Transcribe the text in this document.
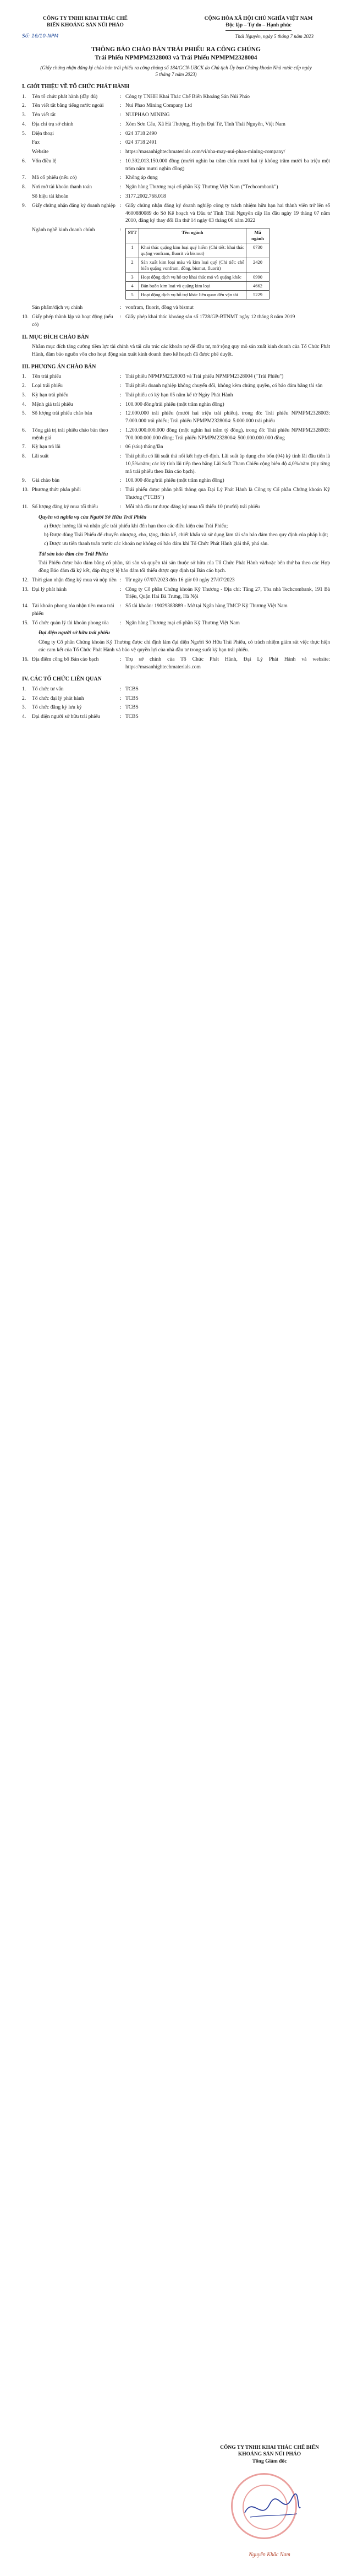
CÔNG TY TNHH KHAI THÁC CHẾ
BIẾN KHOÁNG SẢN NÚI PHÁO
CỘNG HÒA XÃ HỘI CHỦ NGHĨA VIỆT NAM
Độc lập – Tự do – Hạnh phúc
Số: 16/10-NPM	Thái Nguyên, ngày 5 tháng 7 năm 2023
THÔNG BÁO CHÀO BÁN TRÁI PHIẾU RA CÔNG CHÚNG
Trái Phiếu NPMPM2328003 và Trái Phiếu NPMPM2328004
(Giấy chứng nhận đăng ký chào bán trái phiếu ra công chúng số 184/GCN-UBCK do Chủ tịch Ủy ban Chứng khoán Nhà nước cấp ngày 5 tháng 7 năm 2023)
I. GIỚI THIỆU VỀ TỔ CHỨC PHÁT HÀNH
1.	Tên tổ chức phát hành (đầy đủ)	: Công ty TNHH Khai Thác Chế Biến Khoáng Sản Núi Pháo
2.	Tên viết tắt bằng tiếng nước ngoài	: Nui Phao Mining Company Ltd
3.	Tên viết tắt	: NUIPHAO MINING
4.	Địa chỉ trụ sở chính	: Xóm Sơn Cẩu, Xã Hà Thượng, Huyện Đại Từ, Tỉnh Thái Nguyên, Việt Nam
5.	Điện thoại	: 024 3718 2490
Fax	: 024 3718 2491
Website	: https://masanhightechmaterials.com/vi/nha-may-nui-phao-mining-company/
6.	Vốn điều lệ	: 10.392.013.150.000 đồng (mười nghìn ba trăm chín mươi hai tỷ không trăm mười ba triệu một trăm năm mươi nghìn đồng)
7.	Mã cổ phiếu (nếu có)	: Không áp dụng
8.	Nơi mở tài khoản thanh toán	: Ngân hàng Thương mại cổ phần Kỹ Thương Việt Nam ("Techcombank")
Số hiệu tài khoản	: 3177.2002.768.018
9.	Giấy chứng nhận đăng ký doanh nghiệp : Giấy chứng nhận đăng ký doanh nghiệp công ty trách nhiệm hữu hạn hai thành viên trở lên số 4600880089 do Sở Kế hoạch và Đầu tư Tỉnh Thái Nguyên cấp lần đầu ngày 19 tháng 07 năm 2010, đăng ký thay đổi lần thứ 14 ngày 03 tháng 06 năm 2022
Ngành nghề kinh doanh chính	:	STT	Tên ngành	Mã ngành
1	Khai thác quặng kim loại quý hiếm (Chi tiết: khai thác quặng vonfram, fluorit và bismut)	0730
2	Sản xuất kim loại màu và kim loại quý (Chi tiết: chế biến quặng vonfram, đồng, bismut, fluorit)	2420
3	Hoạt động dịch vụ hỗ trợ khai thác mỏ và quặng khác	0990
4	Bán buôn kim loại và quặng kim loại	4662
5	Hoạt động dịch vụ hỗ trợ khác liên quan đến vận tải	5229
Sản phẩm/dịch vụ chính	: vonfram, fluorit, đồng và bismut
10. Giấy phép thành lập và hoạt động (nếu có)
: Giấy phép khai thác khoáng sản số 1728/GP-BTNMT ngày 12 tháng 8 năm 2019
II. MỤC ĐÍCH CHÀO BÁN
Nhằm mục đích tăng cường tiềm lực tài chính và tái cấu trúc các khoản nợ để đầu tư, mở rộng quy mô sản xuất kinh doanh của Tổ Chức Phát Hành, đảm bảo nguồn vốn cho hoạt động sản xuất kinh doanh theo kế hoạch đã được phê duyệt.
III. PHƯƠNG ÁN CHÀO BÁN
1.	Tên trái phiếu	: Trái phiếu NPMPM2328003 và Trái phiếu NPMPM2328004 ("Trái Phiếu")
2.	Loại trái phiếu	: Trái phiếu doanh nghiệp không chuyển đổi, không kèm chứng quyền, có bảo đảm bằng tài sản
3.	Kỳ hạn trái phiếu	: Trái phiếu có kỳ hạn 05 năm kể từ Ngày Phát Hành
4.	Mệnh giá trái phiếu	: 100.000 đồng/trái phiếu (một trăm nghìn đồng)
5.	Số lượng trái phiếu chào bán	: 12.000.000 trái phiếu (mười hai triệu trái phiếu), trong đó: Trái phiếu NPMPM2328003: 7.000.000 trái phiếu; Trái phiếu NPMPM2328004: 5.000.000 trái phiếu
6.	Tổng giá trị trái phiếu chào bán theo mệnh giá
: 1.200.000.000.000 đồng (một nghìn hai trăm tỷ đồng), trong đó: Trái phiếu NPMPM2328003: 700.000.000.000 đồng; Trái phiếu NPMPM2328004: 500.000.000.000 đồng
7.	Kỳ hạn trả lãi	: 06 (sáu) tháng/lần
8.	Lãi suất	: Trái phiếu có lãi suất thả nổi kết hợp cố định. Lãi suất áp dụng cho bốn (04) kỳ tính lãi đầu tiên là 10,5%/năm; các kỳ tính lãi tiếp theo bằng Lãi Suất Tham Chiếu cộng biên độ 4,0%/năm (tùy từng mã trái phiếu theo Bản cáo bạch).
9.	Giá chào bán	: 100.000 đồng/trái phiếu (một trăm nghìn đồng)
10. Phương thức phân phối	: Trái phiếu được phân phối thông qua Đại Lý Phát Hành là Công ty Cổ phần Chứng khoán Kỹ Thương ("TCBS")
11. Số lượng đăng ký mua tối thiểu	: Mỗi nhà đầu tư được đăng ký mua tối thiểu 10 (mười) trái phiếu
Quyền và nghĩa vụ của Người Sở Hữu Trái Phiếu
a) Được hưởng lãi và nhận gốc trái phiếu khi đến hạn theo các điều kiện của Trái Phiếu;
b) Được dùng Trái Phiếu để chuyển nhượng, cho, tặng, thừa kế, chiết khấu và sử dụng làm tài sản bảo đảm theo quy định của pháp luật;
c) Được ưu tiên thanh toán trước các khoản nợ không có bảo đảm khi Tổ Chức Phát Hành giải thể, phá sản.
Tài sản bảo đảm cho Trái Phiếu
Trái Phiếu được bảo đảm bằng cổ phần, tài sản và quyền tài sản thuộc sở hữu của Tổ Chức Phát Hành và/hoặc bên thứ ba theo các Hợp đồng Bảo đảm đã ký kết, đáp ứng tỷ lệ bảo đảm tối thiểu được quy định tại Bản cáo bạch.
12. Thời gian nhận đăng ký mua và nộp tiền : Từ ngày 07/07/2023 đến 16 giờ 00 ngày 27/07/2023
13. Đại lý phát hành	: Công ty Cổ phần Chứng khoán Kỹ Thương - Địa chỉ: Tầng 27, Tòa nhà Techcombank, 191 Bà Triệu, Quận Hai Bà Trưng, Hà Nội
14. Tài khoản phong tỏa nhận tiền mua trái phiếu
: Số tài khoản: 19029383889 - Mở tại Ngân hàng TMCP Kỹ Thương Việt Nam
15. Tổ chức quản lý tài khoản phong tỏa	: Ngân hàng Thương mại cổ phần Kỹ Thương Việt Nam
Đại diện người sở hữu trái phiếu
Công ty Cổ phần Chứng khoán Kỹ Thương được chỉ định làm đại diện Người Sở Hữu Trái Phiếu, có trách nhiệm giám sát việc thực hiện các cam kết của Tổ Chức Phát Hành và bảo vệ quyền lợi của nhà đầu tư trong suốt kỳ hạn trái phiếu.
16. Địa điểm công bố Bản cáo bạch	: Trụ sở chính của Tổ Chức Phát Hành, Đại Lý Phát Hành và website: https://masanhightechmaterials.com
IV. CÁC TỔ CHỨC LIÊN QUAN
1.	Tổ chức tư vấn	: TCBS
2.	Tổ chức đại lý phát hành	: TCBS
3.	Tổ chức đăng ký lưu ký	: TCBS
4.	Đại diện người sở hữu trái phiếu	: TCBS
CÔNG TY TNHH KHAI THÁC CHẾ BIẾN
KHOÁNG SẢN NÚI PHÁO
Tổng Giám đốc
Nguyễn Khắc Nam
